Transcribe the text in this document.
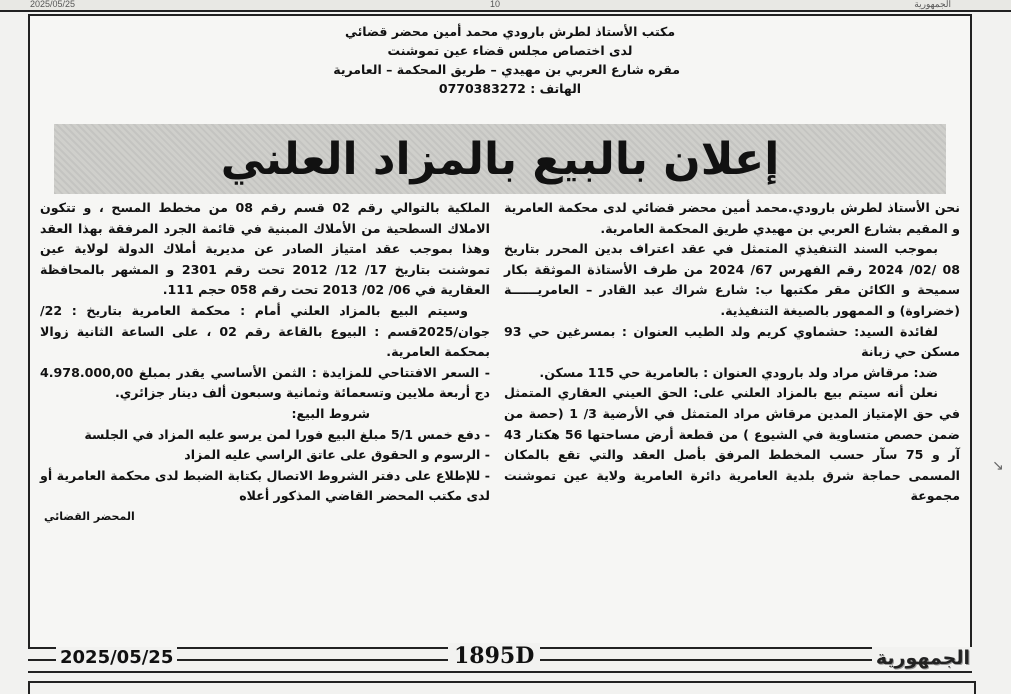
2025/05/25	10	الجمهورية
مكتب الأستاذ لطرش بارودي محمد أمين محضر قضائي
لدى اختصاص مجلس قضاء عين تموشنت
مقره شارع العربي بن مهيدي – طريق المحكمة – العامرية
الهاتف : 0770383272
إعلان بالبيع بالمزاد العلني

نحن الأستاذ لطرش بارودي.محمد أمين محضر قضائي لدى محكمة العامرية و المقيم بشارع العربي بن مهيدي طريق المحكمة العامرية.

بموجب السند التنفيذي المتمثل في عقد اعتراف بدين المحرر بتاريخ 08 /02/ 2024 رقم الفهرس 67/ 2024 من طرف الأستاذة الموثقة بكار سميحة و الكائن مقر مكتبها ب: شارع شراك عبد القادر – العامريــــــة (خضراوة) و الممهور بالصيغة التنفيذية.

لفائدة السيد: حشماوي كريم ولد الطيب العنوان : بمسرغين حي 93 مسكن حي زبانة

ضد: مرقاش مراد ولد بارودي العنوان : بالعامرية حي 115 مسكن.

نعلن أنه سيتم بيع بالمزاد العلني على: الحق العيني العقاري المتمثل في حق الإمتياز المدين مرقاش مراد المتمثل في الأرضية 3/ 1 (حصة من ضمن حصص متساوية في الشيوع ) من قطعة أرض مساحتها 56 هكتار 43 آر و 75 سآر حسب المخطط المرفق بأصل العقد والتي تقع بالمكان المسمى حماجة شرق بلدية العامرية دائرة العامرية ولاية عين تموشنت مجموعة

الملكية بالتوالي رقم 02 قسم رقم 08 من مخطط المسح ، و تتكون الاملاك السطحية من الأملاك المبنية في قائمة الجرد المرفقة بهذا العقد وهذا بموجب عقد امتياز الصادر عن مديرية أملاك الدولة لولاية عين تموشنت بتاريخ 17/ 12/ 2012 تحت رقم 2301 و المشهر بالمحافظة العقارية في 06/ 02/ 2013 تحت رقم 058 حجم 111.

وسيتم البيع بالمزاد العلني أمام : محكمة العامرية بتاريخ : 22/جوان/2025قسم : البيوع بالقاعة رقم 02 ، على الساعة الثانية زوالا بمحكمة العامرية.

- السعر الافتتاحي للمزايدة : الثمن الأساسي يقدر بمبلغ 4.978.000,00 دج أربعة ملايين وتسعمائة وثمانية وسبعون ألف دينار جزائري.

شروط البيع:

- دفع خمس 5/1 مبلغ البيع فورا لمن يرسو عليه المزاد في الجلسة

- الرسوم و الحقوق على عاتق الراسي عليه المزاد

- للإطلاع على دفتر الشروط الاتصال بكتابة الضبط لدى محكمة العامرية أو لدى مكتب المحضر القاضي المذكور أعلاه

المحضر القضائي

2025/05/25	1895D	الجمهورية
↘
